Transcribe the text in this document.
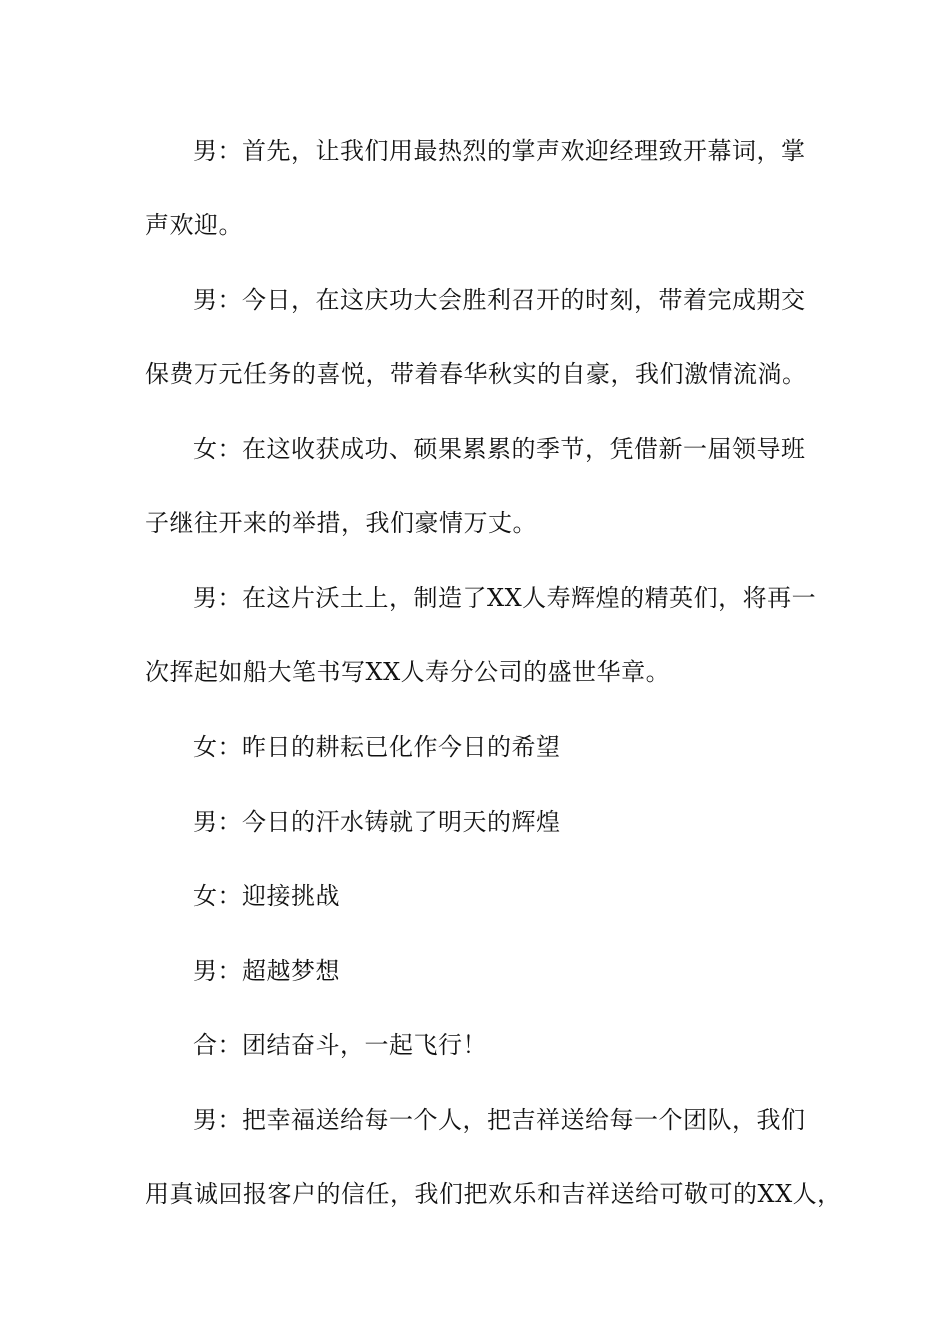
男：首先，让我们用最热烈的掌声欢迎经理致开幕词，掌
声欢迎。
男：今日，在这庆功大会胜利召开的时刻，带着完成期交
保费万元任务的喜悦，带着春华秋实的自豪，我们激情流淌。
女：在这收获成功、硕果累累的季节，凭借新一届领导班
子继往开来的举措，我们豪情万丈。
男：在这片沃土上，制造了XX人寿辉煌的精英们，将再一
次挥起如船大笔书写XX人寿分公司的盛世华章。
女：昨日的耕耘已化作今日的希望
男：今日的汗水铸就了明天的辉煌
女：迎接挑战
男：超越梦想
合：团结奋斗，一起飞行！
男：把幸福送给每一个人，把吉祥送给每一个团队，我们
用真诚回报客户的信任，我们把欢乐和吉祥送给可敬可的XX人，
